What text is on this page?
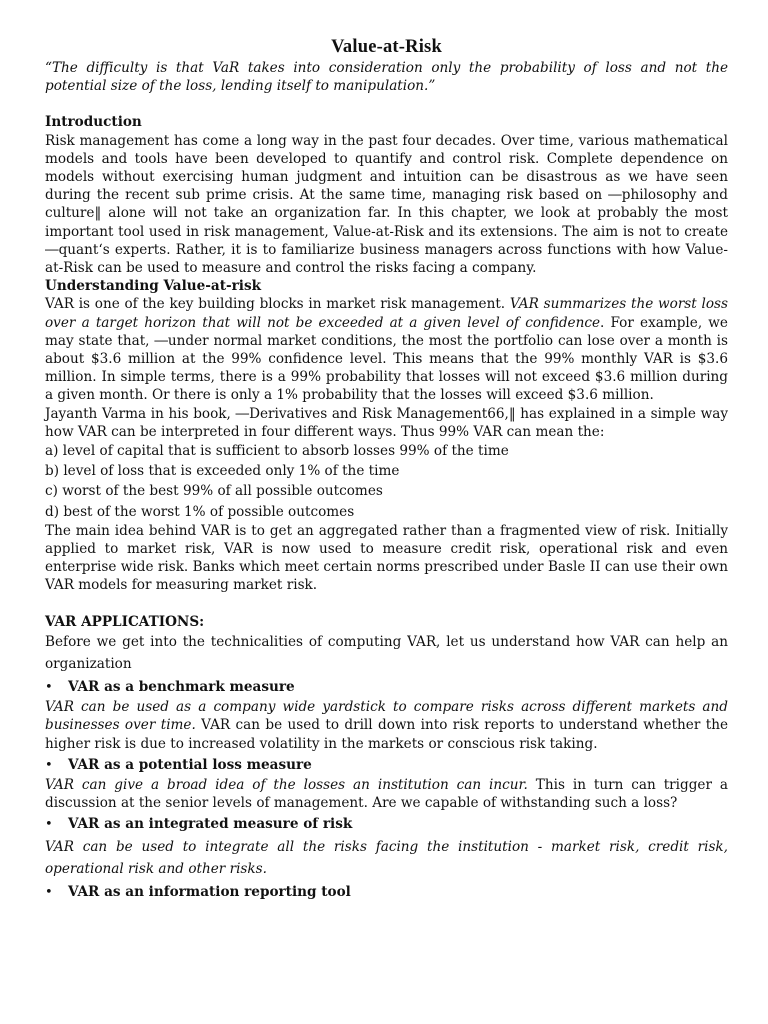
Value-at-Risk

“The difficulty is that VaR takes into consideration only the probability of loss and not the potential size of the loss, lending itself to manipulation.”

Introduction

Risk management has come a long way in the past four decades. Over time, various mathematical models and tools have been developed to quantify and control risk. Complete dependence on models without exercising human judgment and intuition can be disastrous as we have seen during the recent sub prime crisis. At the same time, managing risk based on ―philosophy and culture‖ alone will not take an organization far. In this chapter, we look at probably the most important tool used in risk management, Value-at-Risk and its extensions. The aim is not to create ―quant‘s experts. Rather, it is to familiarize business managers across functions with how Value-at-Risk can be used to measure and control the risks facing a company.

Understanding Value-at-risk

VAR is one of the key building blocks in market risk management. VAR summarizes the worst loss over a target horizon that will not be exceeded at a given level of confidence. For example, we may state that, ―under normal market conditions, the most the portfolio can lose over a month is about $3.6 million at the 99% confidence level. This means that the 99% monthly VAR is $3.6 million. In simple terms, there is a 99% probability that losses will not exceed $3.6 million during a given month. Or there is only a 1% probability that the losses will exceed $3.6 million.

Jayanth Varma in his book, ―Derivatives and Risk Management66,‖ has explained in a simple way how VAR can be interpreted in four different ways. Thus 99% VAR can mean the:

a) level of capital that is sufficient to absorb losses 99% of the time

b) level of loss that is exceeded only 1% of the time

c) worst of the best 99% of all possible outcomes

d) best of the worst 1% of possible outcomes

The main idea behind VAR is to get an aggregated rather than a fragmented view of risk. Initially applied to market risk, VAR is now used to measure credit risk, operational risk and even enterprise wide risk. Banks which meet certain norms prescribed under Basle II can use their own VAR models for measuring market risk.

VAR APPLICATIONS:

Before we get into the technicalities of computing VAR, let us understand how VAR can help an organization

•	VAR as a benchmark measure

VAR can be used as a company wide yardstick to compare risks across different markets and businesses over time. VAR can be used to drill down into risk reports to understand whether the higher risk is due to increased volatility in the markets or conscious risk taking.

•	VAR as a potential loss measure

VAR can give a broad idea of the losses an institution can incur. This in turn can trigger a discussion at the senior levels of management. Are we capable of withstanding such a loss?

•	VAR as an integrated measure of risk

VAR can be used to integrate all the risks facing the institution - market risk, credit risk, operational risk and other risks.

•	VAR as an information reporting tool
